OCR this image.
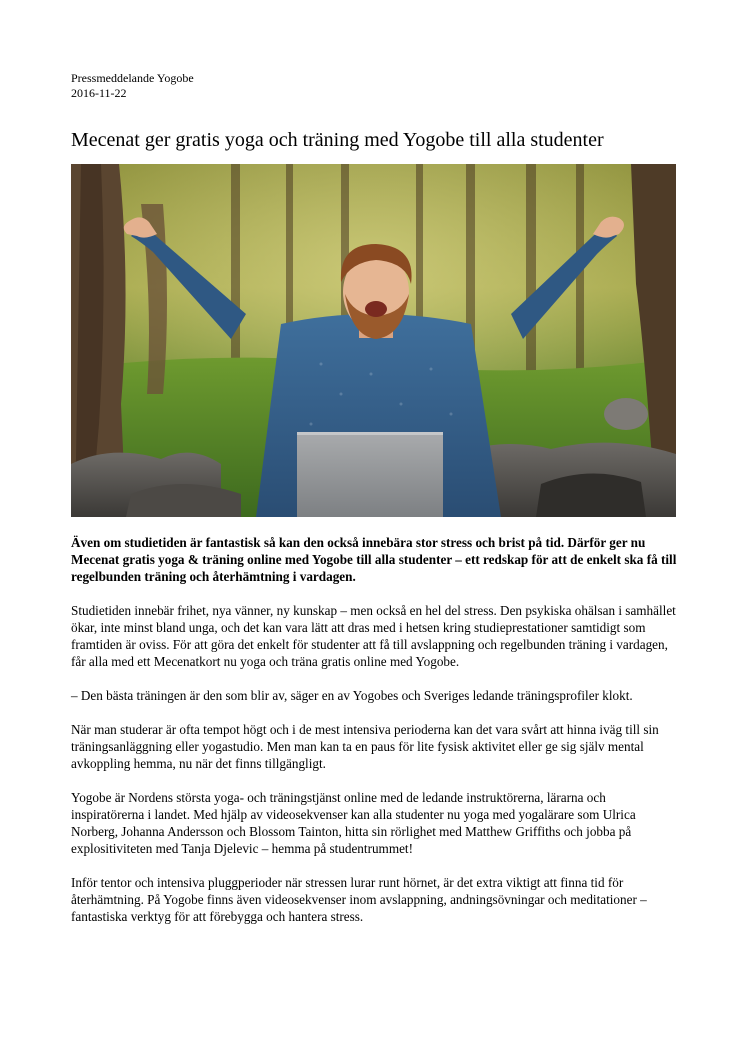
Pressmeddelande Yogobe
2016-11-22
Mecenat ger gratis yoga och träning med Yogobe till alla studenter

Även om studietiden är fantastisk så kan den också innebära stor stress och brist på tid. Därför ger nu Mecenat gratis yoga & träning online med Yogobe till alla studenter – ett redskap för att de enkelt ska få till regelbunden träning och återhämtning i vardagen.

Studietiden innebär frihet, nya vänner, ny kunskap – men också en hel del stress. Den psykiska ohälsan i samhället ökar, inte minst bland unga, och det kan vara lätt att dras med i hetsen kring studieprestationer samtidigt som framtiden är oviss. För att göra det enkelt för studenter att få till avslappning och regelbunden träning i vardagen, får alla med ett Mecenatkort nu yoga och träna gratis online med Yogobe.

– Den bästa träningen är den som blir av, säger en av Yogobes och Sveriges ledande träningsprofiler klokt.

När man studerar är ofta tempot högt och i de mest intensiva perioderna kan det vara svårt att hinna iväg till sin träningsanläggning eller yogastudio. Men man kan ta en paus för lite fysisk aktivitet eller ge sig själv mental avkoppling hemma, nu när det finns tillgängligt.

Yogobe är Nordens största yoga- och träningstjänst online med de ledande instruktörerna, lärarna och inspiratörerna i landet. Med hjälp av videosekvenser kan alla studenter nu yoga med yogalärare som Ulrica Norberg, Johanna Andersson och Blossom Tainton, hitta sin rörlighet med Matthew Griffiths och jobba på explositiviteten med Tanja Djelevic – hemma på studentrummet!

Inför tentor och intensiva pluggperioder när stressen lurar runt hörnet, är det extra viktigt att finna tid för återhämtning. På Yogobe finns även videosekvenser inom avslappning, andningsövningar och meditationer – fantastiska verktyg för att förebygga och hantera stress.
